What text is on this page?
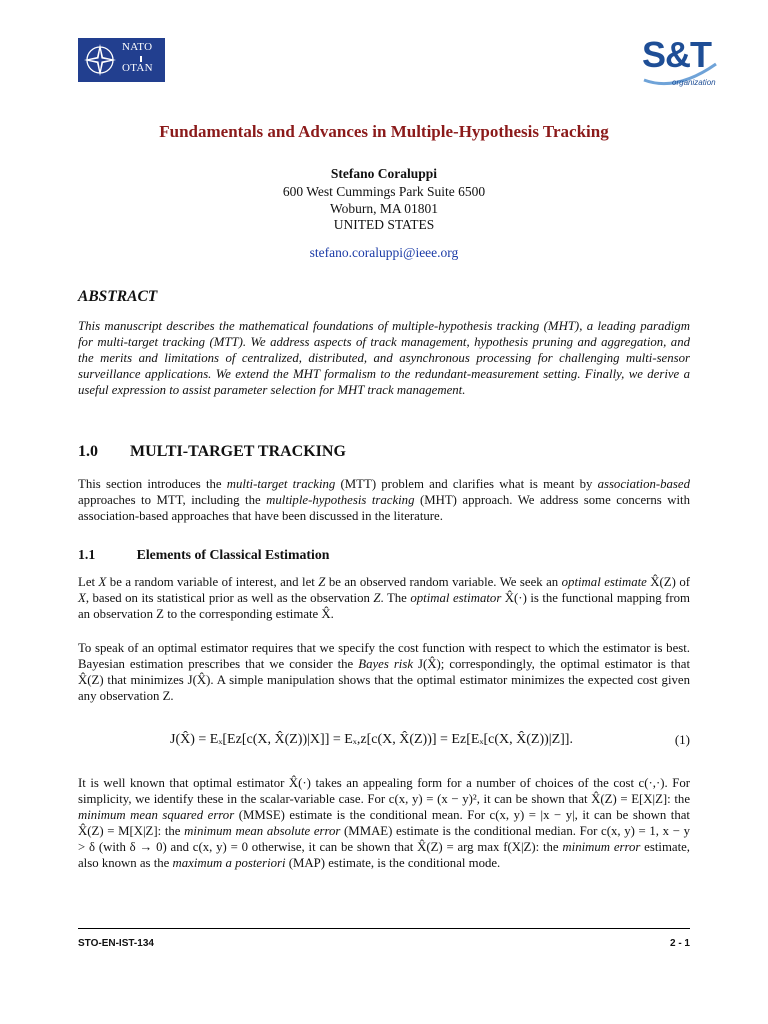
NATO
OTAN	S&T
organization
Fundamentals and Advances in Multiple-Hypothesis Tracking
Stefano Coraluppi
600 West Cummings Park Suite 6500
Woburn, MA 01801
UNITED STATES
stefano.coraluppi@ieee.org
ABSTRACT
This manuscript describes the mathematical foundations of multiple-hypothesis tracking (MHT), a leading paradigm for multi-target tracking (MTT). We address aspects of track management, hypothesis pruning and aggregation, and the merits and limitations of centralized, distributed, and asynchronous processing for challenging multi-sensor surveillance applications. We extend the MHT formalism to the redundant-measurement setting. Finally, we derive a useful expression to assist parameter selection for MHT track management.
1.0  MULTI-TARGET TRACKING
This section introduces the multi-target tracking (MTT) problem and clarifies what is meant by association-based approaches to MTT, including the multiple-hypothesis tracking (MHT) approach. We address some concerns with association-based approaches that have been discussed in the literature.
1.1   Elements of Classical Estimation
Let X be a random variable of interest, and let Z be an observed random variable. We seek an optimal estimate X̂(Z) of X, based on its statistical prior as well as the observation Z. The optimal estimator X̂(·) is the functional mapping from an observation Z to the corresponding estimate X̂.
To speak of an optimal estimator requires that we specify the cost function with respect to which the estimator is best. Bayesian estimation prescribes that we consider the Bayes risk J(X̂); correspondingly, the optimal estimator is that X̂(Z) that minimizes J(X̂). A simple manipulation shows that the optimal estimator minimizes the expected cost given any observation Z.
J(X̂) = Eₓ[Eᴢ[c(X, X̂(Z))|X]] = Eₓ,ᴢ[c(X, X̂(Z))] = Eᴢ[Eₓ[c(X, X̂(Z))|Z]].	(1)
It is well known that optimal estimator X̂(·) takes an appealing form for a number of choices of the cost c(·,·). For simplicity, we identify these in the scalar-variable case. For c(x, y) = (x − y)², it can be shown that X̂(Z) = E[X|Z]: the minimum mean squared error (MMSE) estimate is the conditional mean. For c(x, y) = |x − y|, it can be shown that X̂(Z) = M[X|Z]: the minimum mean absolute error (MMAE) estimate is the conditional median. For c(x, y) = 1, x − y > δ (with δ → 0) and c(x, y) = 0 otherwise, it can be shown that X̂(Z) = arg max f(X|Z): the minimum error estimate, also known as the maximum a posteriori (MAP) estimate, is the conditional mode.
STO-EN-IST-134	2 - 1
